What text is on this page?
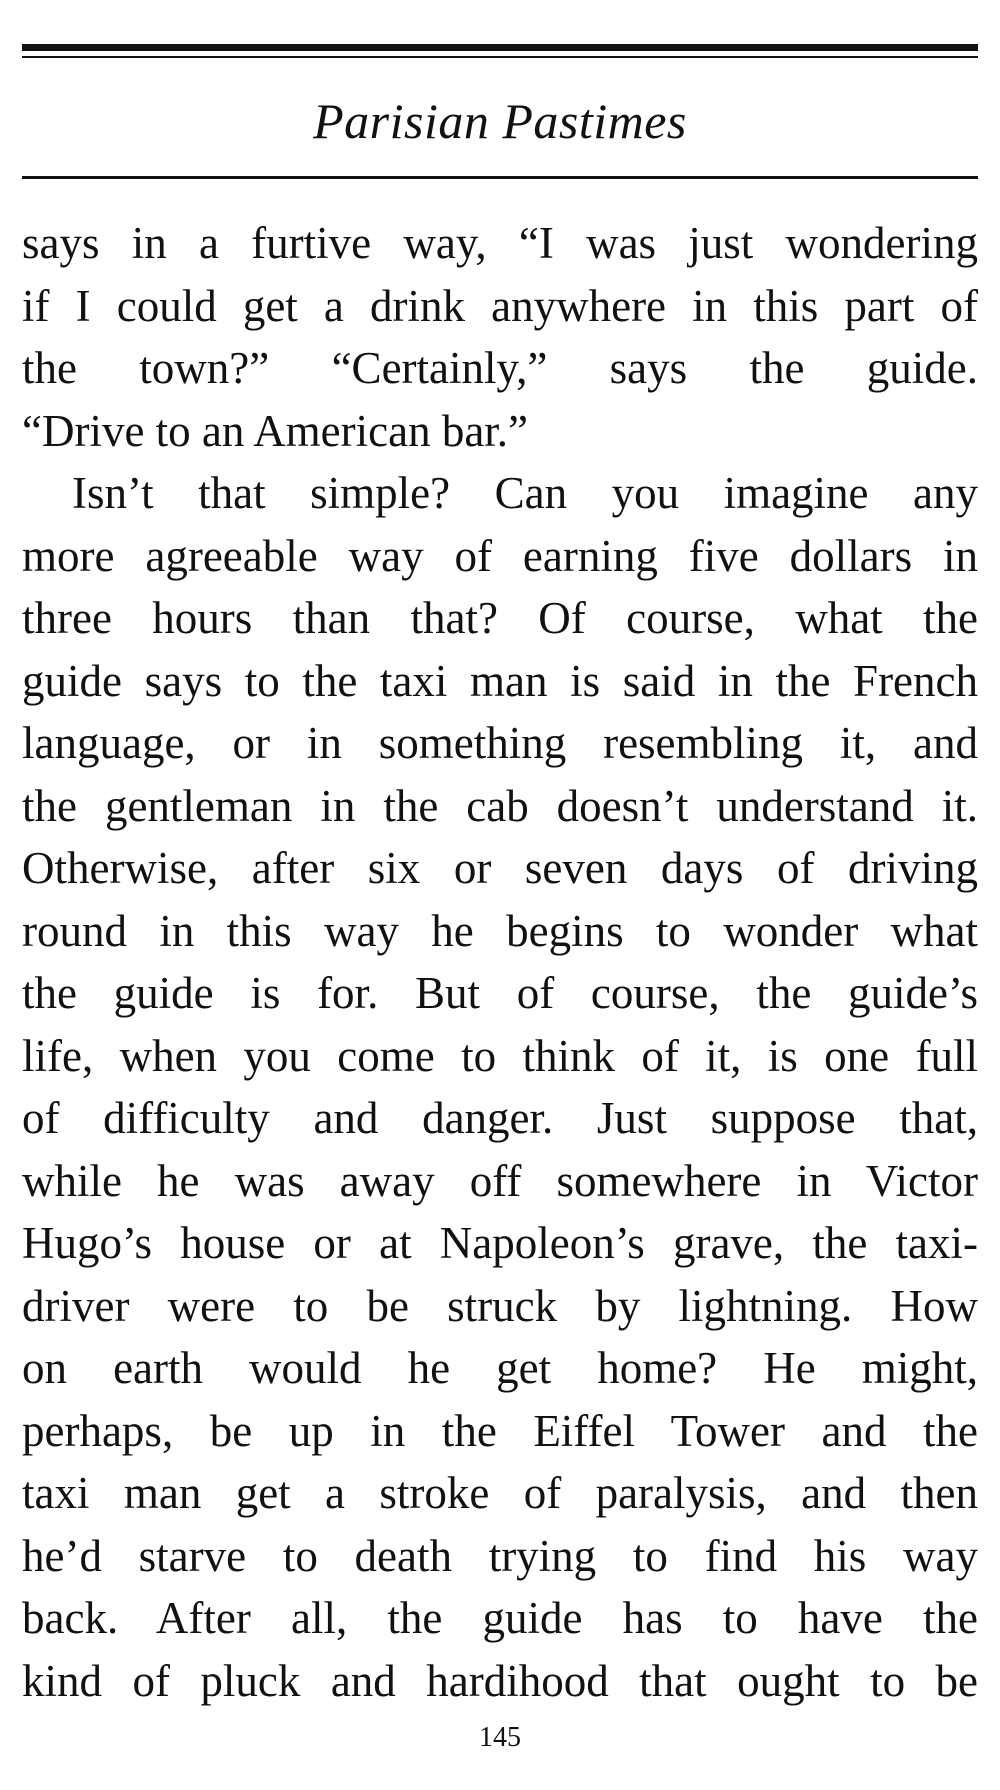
Parisian Pastimes
says in a furtive way, “I was just wondering
if I could get a drink anywhere in this part of
the town?” “Certainly,” says the guide.
“Drive to an American bar.”
Isn’t that simple? Can you imagine any
more agreeable way of earning five dollars in
three hours than that? Of course, what the
guide says to the taxi man is said in the French
language, or in something resembling it, and
the gentleman in the cab doesn’t understand it.
Otherwise, after six or seven days of driving
round in this way he begins to wonder what
the guide is for. But of course, the guide’s
life, when you come to think of it, is one full
of difficulty and danger. Just suppose that,
while he was away off somewhere in Victor
Hugo’s house or at Napoleon’s grave, the taxi-
driver were to be struck by lightning. How
on earth would he get home? He might,
perhaps, be up in the Eiffel Tower and the
taxi man get a stroke of paralysis, and then
he’d starve to death trying to find his way
back. After all, the guide has to have the
kind of pluck and hardihood that ought to be
145
